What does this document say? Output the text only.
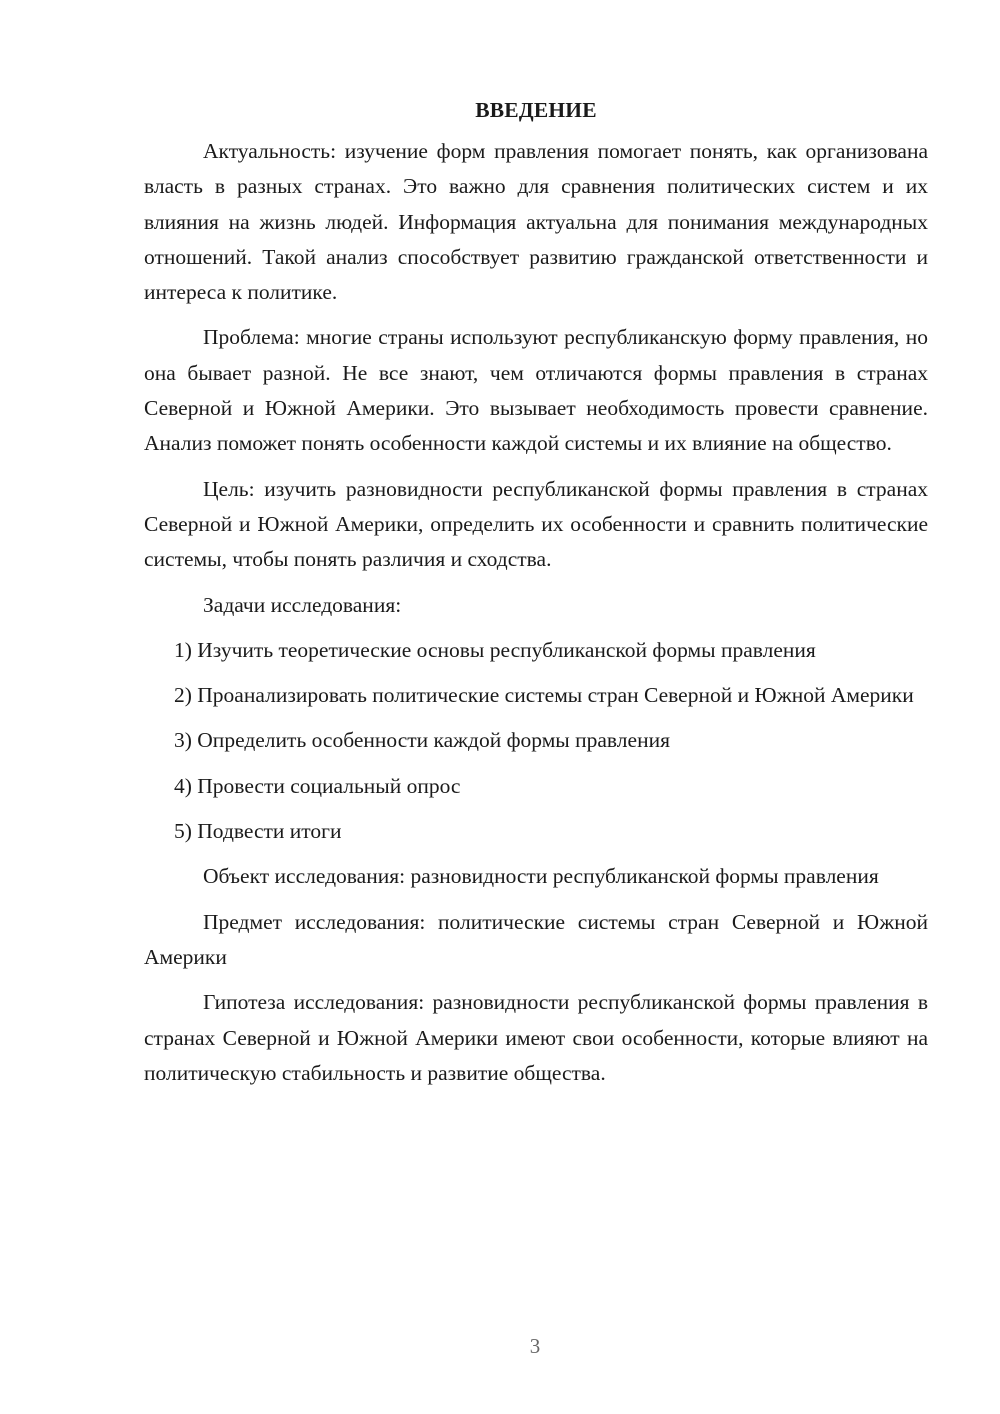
ВВЕДЕНИЕ

Актуальность: изучение форм правления помогает понять, как организована власть в разных странах. Это важно для сравнения политических систем и их влияния на жизнь людей. Информация актуальна для понимания международных отношений. Такой анализ способствует развитию гражданской ответственности и интереса к политике.

Проблема: многие страны используют республиканскую форму правления, но она бывает разной. Не все знают, чем отличаются формы правления в странах Северной и Южной Америки. Это вызывает необходимость провести сравнение. Анализ поможет понять особенности каждой системы и их влияние на общество.

Цель: изучить разновидности республиканской формы правления в странах Северной и Южной Америки, определить их особенности и сравнить политические системы, чтобы понять различия и сходства.

Задачи исследования:

1) Изучить теоретические основы республиканской формы правления

2) Проанализировать политические системы стран Северной и Южной Америки

3) Определить особенности каждой формы правления

4) Провести социальный опрос

5) Подвести итоги

Объект исследования: разновидности республиканской формы правления

Предмет исследования: политические системы стран Северной и Южной Америки

Гипотеза исследования: разновидности республиканской формы правления в странах Северной и Южной Америки имеют свои особенности, которые влияют на политическую стабильность и развитие общества.

3
